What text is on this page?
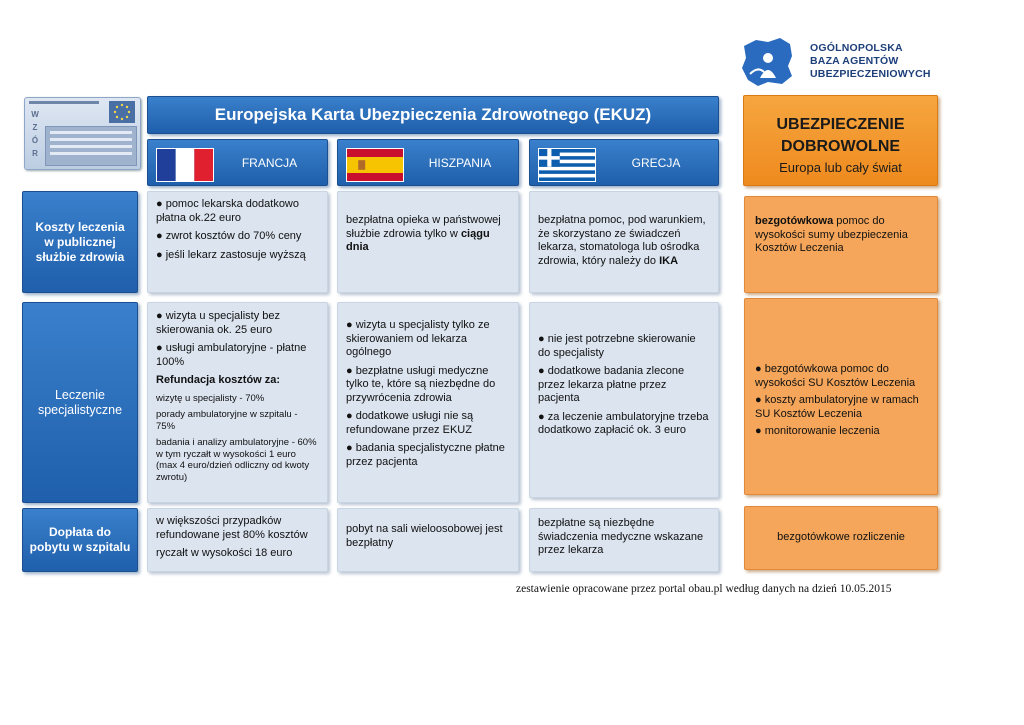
OGÓLNOPOLSKA
BAZA AGENTÓW
UBEZPIECZENIOWYCH
W
Z
Ó
R
Europejska Karta Ubezpieczenia Zdrowotnego (EKUZ)
FRANCJA	HISZPANIA	GRECJA
UBEZPIECZENIE
DOBROWOLNE
Europa lub cały świat
Koszty leczenia w publicznej służbie zdrowia

● pomoc lekarska dodatkowo płatna ok.22 euro

● zwrot kosztów do 70% ceny

● jeśli lekarz zastosuje wyższą

bezpłatna opieka w państwowej służbie zdrowia tylko w ciągu dnia
bezpłatna pomoc, pod warunkiem, że skorzystano ze świadczeń lekarza, stomatologa lub ośrodka zdrowia, który należy do IKA
bezgotówkowa pomoc do wysokości sumy ubezpieczenia Kosztów Leczenia
Leczenie specjalistyczne

● wizyta u specjalisty bez skierowania ok. 25 euro

● usługi ambulatoryjne - płatne 100%

Refundacja kosztów za:

wizytę u specjalisty - 70%

porady ambulatoryjne w szpitalu - 75%

badania i analizy ambulatoryjne - 60% w tym ryczałt w wysokości 1 euro (max 4 euro/dzień odliczny od kwoty zwrotu)

● wizyta u specjalisty tylko ze skierowaniem od lekarza ogólnego

● bezpłatne usługi medyczne tylko te, które są niezbędne do przywrócenia zdrowia

● dodatkowe usługi nie są refundowane przez EKUZ

● badania specjalistyczne płatne przez pacjenta

● nie jest potrzebne skierowanie do specjalisty

● dodatkowe badania zlecone przez lekarza płatne przez pacjenta

● za leczenie ambulatoryjne trzeba dodatkowo zapłacić ok. 3 euro

● bezgotówkowa pomoc do wysokości SU Kosztów Leczenia

● koszty ambulatoryjne w ramach SU Kosztów Leczenia

● monitorowanie leczenia

Dopłata do pobytu w szpitalu

w większości przypadków refundowane jest 80% kosztów

ryczałt w wysokości 18 euro

pobyt na sali wieloosobowej jest bezpłatny
bezpłatne są niezbędne świadczenia medyczne wskazane przez lekarza
bezgotówkowe rozliczenie
zestawienie opracowane przez portal obau.pl według danych na dzień 10.05.2015
